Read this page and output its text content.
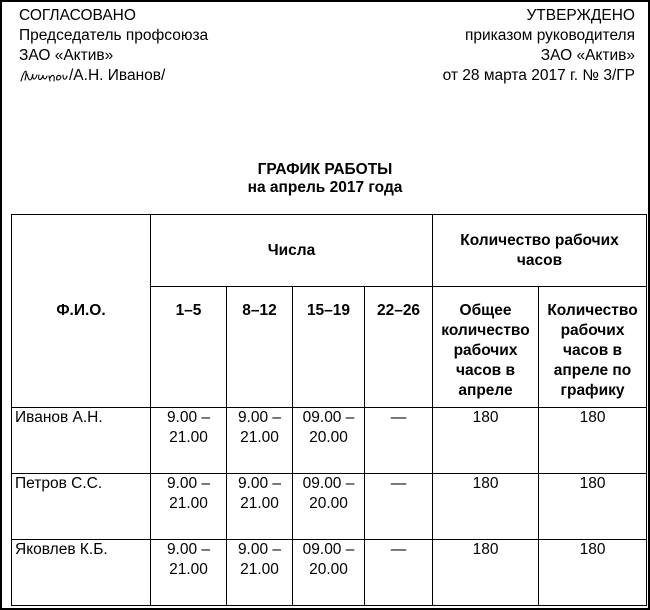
СОГЛАСОВАНО
Председатель профсоюза
ЗАО «Актив»
/А.Н. Иванов/
УТВЕРЖДЕНО
приказом руководителя
ЗАО «Актив»
от 28 марта 2017 г. № 3/ГР
ГРАФИК РАБОТЫ
на апрель 2017 года
Ф.И.О.	Числа				Количество рабочих часов	
	1–5	8–12	15–19	22–26	Общее количество рабочих часов в апреле	Количество рабочих часов в апреле по графику
Иванов А.Н.	9.00 – 21.00	9.00 – 21.00	09.00 – 20.00	—	180	180
Петров С.С.	9.00 – 21.00	9.00 – 21.00	09.00 – 20.00	—	180	180
Яковлев К.Б.	9.00 – 21.00	9.00 – 21.00	09.00 – 20.00	—	180	180
